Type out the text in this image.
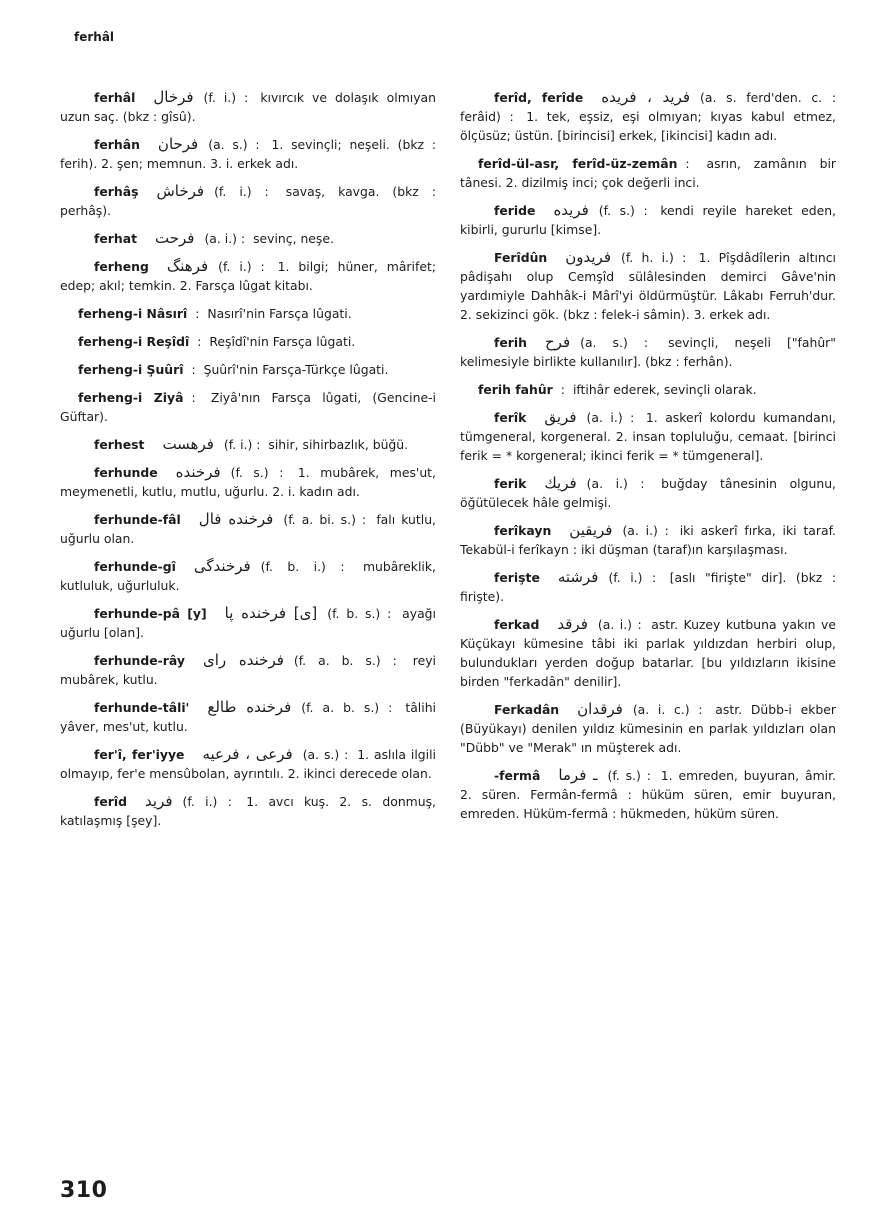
ferhâl

ferhâl فرخال (f. i.) : kıvırcık ve dolaşık olmıyan uzun saç. (bkz : gîsû).

ferhân فرحان (a. s.) : 1. sevinçli; neşeli. (bkz : ferih). 2. şen; memnun. 3. i. erkek adı.

ferhâş فرخاش (f. i.) : savaş, kavga. (bkz : perhâş).

ferhat فرحت (a. i.) : sevinç, neşe.

ferheng فرهنگ (f. i.) : 1. bilgi; hüner, mârifet; edep; akıl; temkin. 2. Farsça lûgat kitabı.

ferheng-i Nâsırî : Nasırî'nin Farsça lûgati.

ferheng-i Reşîdî : Reşîdî'nin Farsça lûgati.

ferheng-i Şuûrî : Şuûrî'nin Farsça-Türkçe lûgati.

ferheng-i Ziyâ : Ziyâ'nın Farsça lûgati, (Gencine-i Güftar).

ferhest فرهست (f. i.) : sihir, sihirbazlık, büğü.

ferhunde فرخنده (f. s.) : 1. mubârek, mes'ut, meymenetli, kutlu, mutlu, uğurlu. 2. i. kadın adı.

ferhunde-fâl فرخنده فال (f. a. bi. s.) : falı kutlu, uğurlu olan.

ferhunde-gî فرخندگی (f. b. i.) : mubâreklik, kutluluk, uğurluluk.

ferhunde-pâ [y] [ى] فرخنده پا (f. b. s.) : ayağı uğurlu [olan].

ferhunde-rây فرخنده راى (f. a. b. s.) : reyi mubârek, kutlu.

ferhunde-tâli' فرخنده طالع (f. a. b. s.) : tâlihi yâver, mes'ut, kutlu.

fer'î, fer'iyye فرعى ، فرعيه (a. s.) : 1. aslıla ilgili olmayıp, fer'e mensûbolan, ayrıntılı. 2. ikinci derecede olan.

ferîd فريد (f. i.) : 1. avcı kuş. 2. s. donmuş, katılaşmış [şey].

ferîd, ferîde فريد ، فريده (a. s. ferd'den. c. : ferâid) : 1. tek, eşsiz, eşi olmıyan; kıyas kabul etmez, ölçüsüz; üstün. [birincisi] erkek, [ikincisi] kadın adı.

ferîd-ül-asr, ferîd-üz-zemân : asrın, zamânın bir tânesi. 2. dizilmiş inci; çok değerli inci.

feride فريده (f. s.) : kendi reyile hareket eden, kibirli, gururlu [kimse].

Ferîdûn فريدون (f. h. i.) : 1. Pîşdâdîlerin altıncı pâdişahı olup Cemşîd sülâlesinden demirci Gâve'nin yardımiyle Dahhâk-i Mârî'yi öldürmüştür. Lâkabı Ferruh'dur. 2. sekizinci gök. (bkz : felek-i sâmin). 3. erkek adı.

ferih فرح (a. s.) : sevinçli, neşeli ["fahûr" kelimesiyle birlikte kullanılır]. (bkz : ferhân).

ferih fahûr : iftihâr ederek, sevinçli olarak.

ferîk فريق (a. i.) : 1. askerî kolordu kumandanı, tümgeneral, korgeneral. 2. insan topluluğu, cemaat. [birinci ferik = * korgeneral; ikinci ferik = * tümgeneral].

ferik فريك (a. i.) : buğday tânesinin olgunu, öğütülecek hâle gelmişi.

ferîkayn فريقين (a. i.) : iki askerî fırka, iki taraf. Tekabül-i ferîkayn : iki düşman (taraf)ın karşılaşması.

ferişte فرشته (f. i.) : [aslı "firişte" dir]. (bkz : firişte).

ferkad فرقد (a. i.) : astr. Kuzey kutbuna yakın ve Küçükayı kümesine tâbi iki parlak yıldızdan herbiri olup, bulundukları yerden doğup batarlar. [bu yıldızların ikisine birden "ferkadân" denilir].

Ferkadân فرقدان (a. i. c.) : astr. Dübb-i ekber (Büyükayı) denilen yıldız kümesinin en parlak yıldızları olan "Dübb" ve "Merak" ın müşterek adı.

-fermâ ـ فرما (f. s.) : 1. emreden, buyuran, âmir. 2. süren. Fermân-fermâ : hüküm süren, emir buyuran, emreden. Hüküm-fermâ : hükmeden, hüküm süren.

310
